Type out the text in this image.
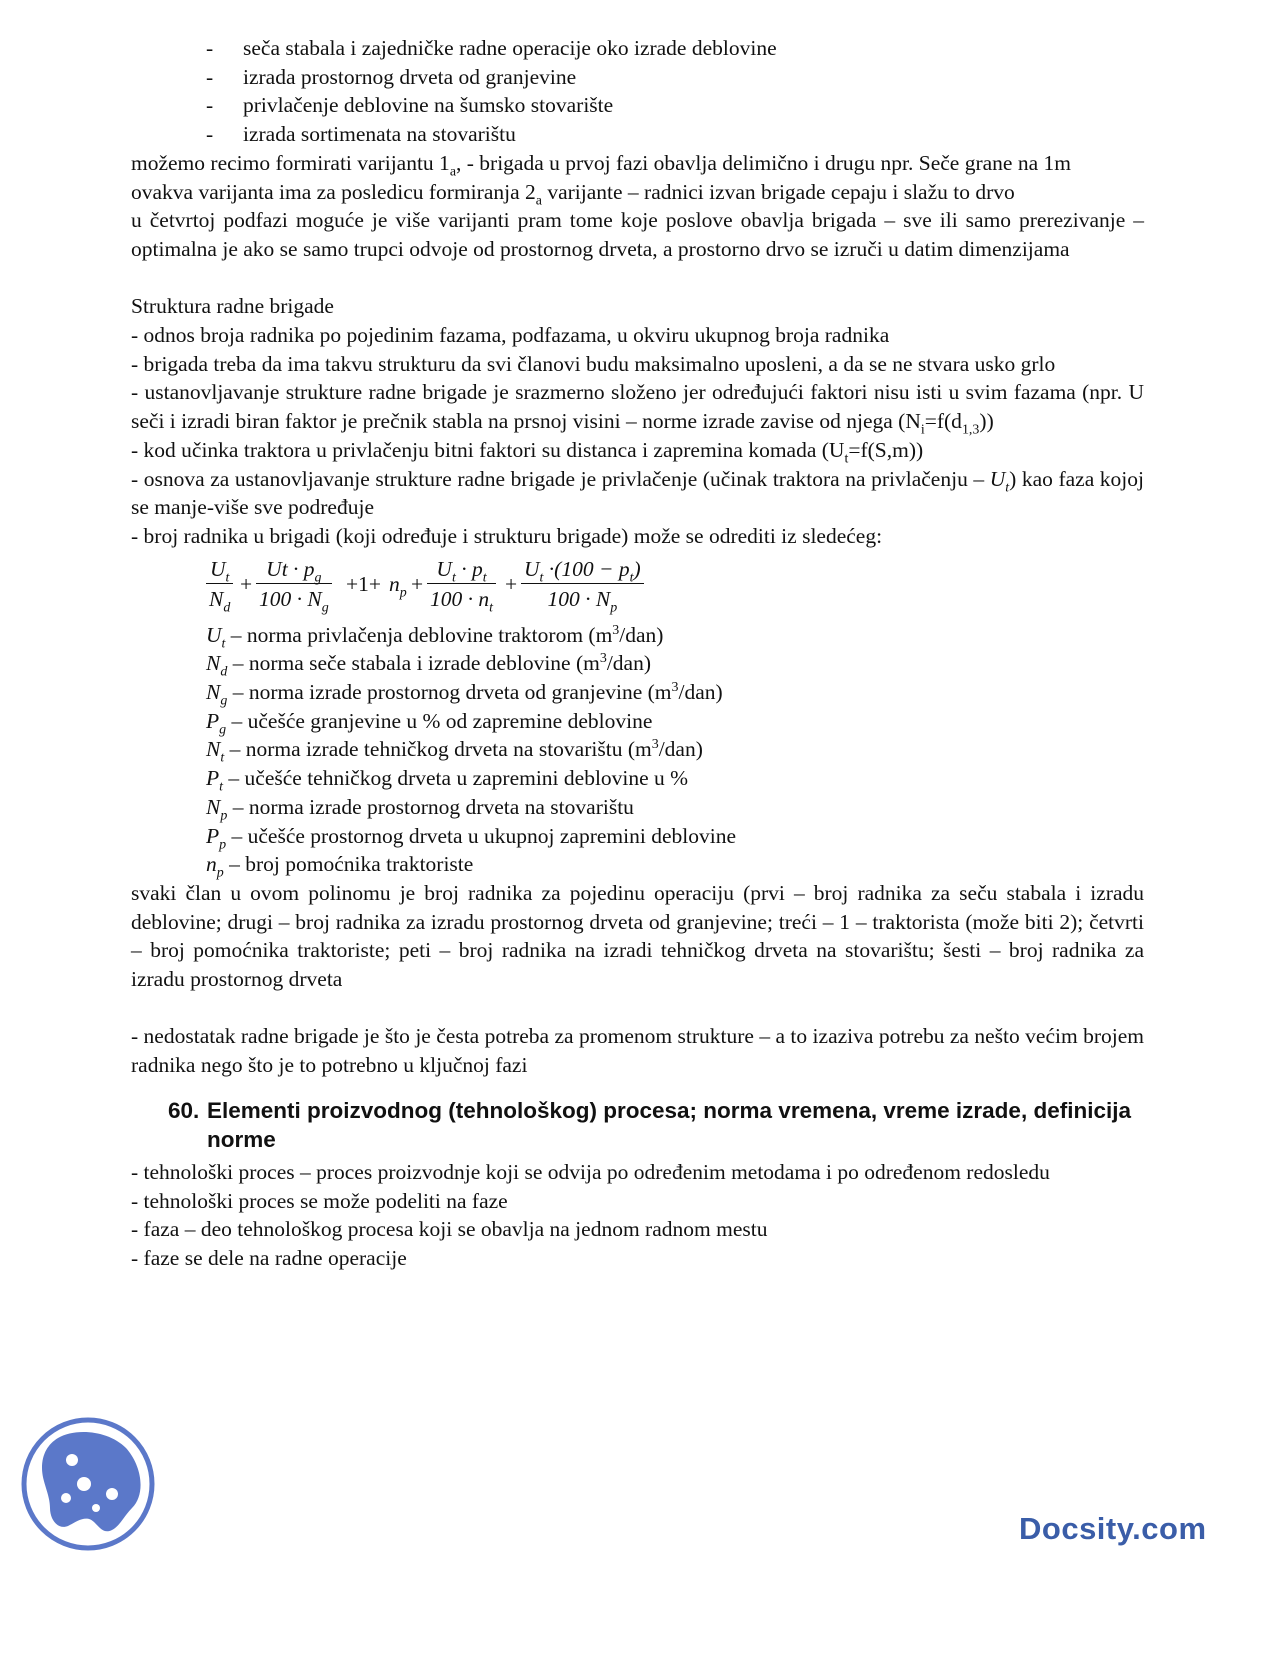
- seča stabala i zajedničke radne operacije oko izrade deblovine

- izrada prostornog drveta od granjevine

- privlačenje deblovine na šumsko stovarište

- izrada sortimenata na stovarištu

možemo recimo formirati varijantu $1_a$, - brigada u prvoj fazi obavlja delimično i drugu npr. Seče grane na 1m

ovakva varijanta ima za posledicu formiranja $2_a$ varijante – radnici izvan brigade cepaju i slažu to drvo

u četvrtoj podfazi moguće je više varijanti pram tome koje poslove obavlja brigada – sve ili samo prerezivanje – optimalna je ako se samo trupci odvoje od prostornog drveta, a prostorno drvo se izruči u datim dimenzijama

Struktura radne brigade

- odnos broja radnika po pojedinim fazama, podfazama, u okviru ukupnog broja radnika

- brigada treba da ima takvu strukturu da svi članovi budu maksimalno uposleni, a da se ne stvara usko grlo

- ustanovljavanje strukture radne brigade je srazmerno složeno jer određujući faktori nisu isti u svim fazama (npr. U seči i izradi biran faktor je prečnik stabla na prsnoj visini – norme izrade zavise od njega $(N_i=f(d_{1,3}))$

- kod učinka traktora u privlačenju bitni faktori su distanca i zapremina komada $(U_t=f(S,m))$

- osnova za ustanovljavanje strukture radne brigade je privlačenje (učinak traktora na privlačenju – $U_t$) kao faza kojoj se manje-više sve podređuje

- broj radnika u brigadi (koji određuje i strukturu brigade) može se odrediti iz sledećeg:

$\frac{U_t}{N_d} + \frac{Ut \cdot p_g}{100 \cdot N_g} +1+ n_p + \frac{U_t \cdot p_t}{100 \cdot n_t} + \frac{U_t \cdot(100 - p_t)}{100 \cdot N_p}$
$U_t$ – norma privlačenja deblovine traktorom $(m^3/dan)$
$N_d$ – norma seče stabala i izrade deblovine $(m^3/dan)$
$N_g$ – norma izrade prostornog drveta od granjevine $(m^3/dan)$
$P_g$ – učešće granjevine u % od zapremine deblovine
$N_t$ – norma izrade tehničkog drveta na stovarištu $(m^3/dan)$
$P_t$ – učešće tehničkog drveta u zapremini deblovine u %
$N_p$ – norma izrade prostornog drveta na stovarištu
$P_p$ – učešće prostornog drveta u ukupnoj zapremini deblovine
$n_p$ – broj pomoćnika traktoriste

svaki član u ovom polinomu je broj radnika za pojedinu operaciju (prvi – broj radnika za seču stabala i izradu deblovine; drugi – broj radnika za izradu prostornog drveta od granjevine; treći – 1 – traktorista (može biti 2); četvrti – broj pomoćnika traktoriste; peti – broj radnika na izradi tehničkog drveta na stovarištu; šesti – broj radnika za izradu prostornog drveta

- nedostatak radne brigade je što je česta potreba za promenom strukture – a to izaziva potrebu za nešto većim brojem radnika nego što je to potrebno u ključnoj fazi

60. Elementi proizvodnog (tehnološkog) procesa; norma vremena, vreme izrade, definicija norme

- tehnološki proces – proces proizvodnje koji se odvija po određenim metodama i po određenom redosledu

- tehnološki proces se može podeliti na faze

- faza – deo tehnološkog procesa koji se obavlja na jednom radnom mestu

- faze se dele na radne operacije

Docsity.com
